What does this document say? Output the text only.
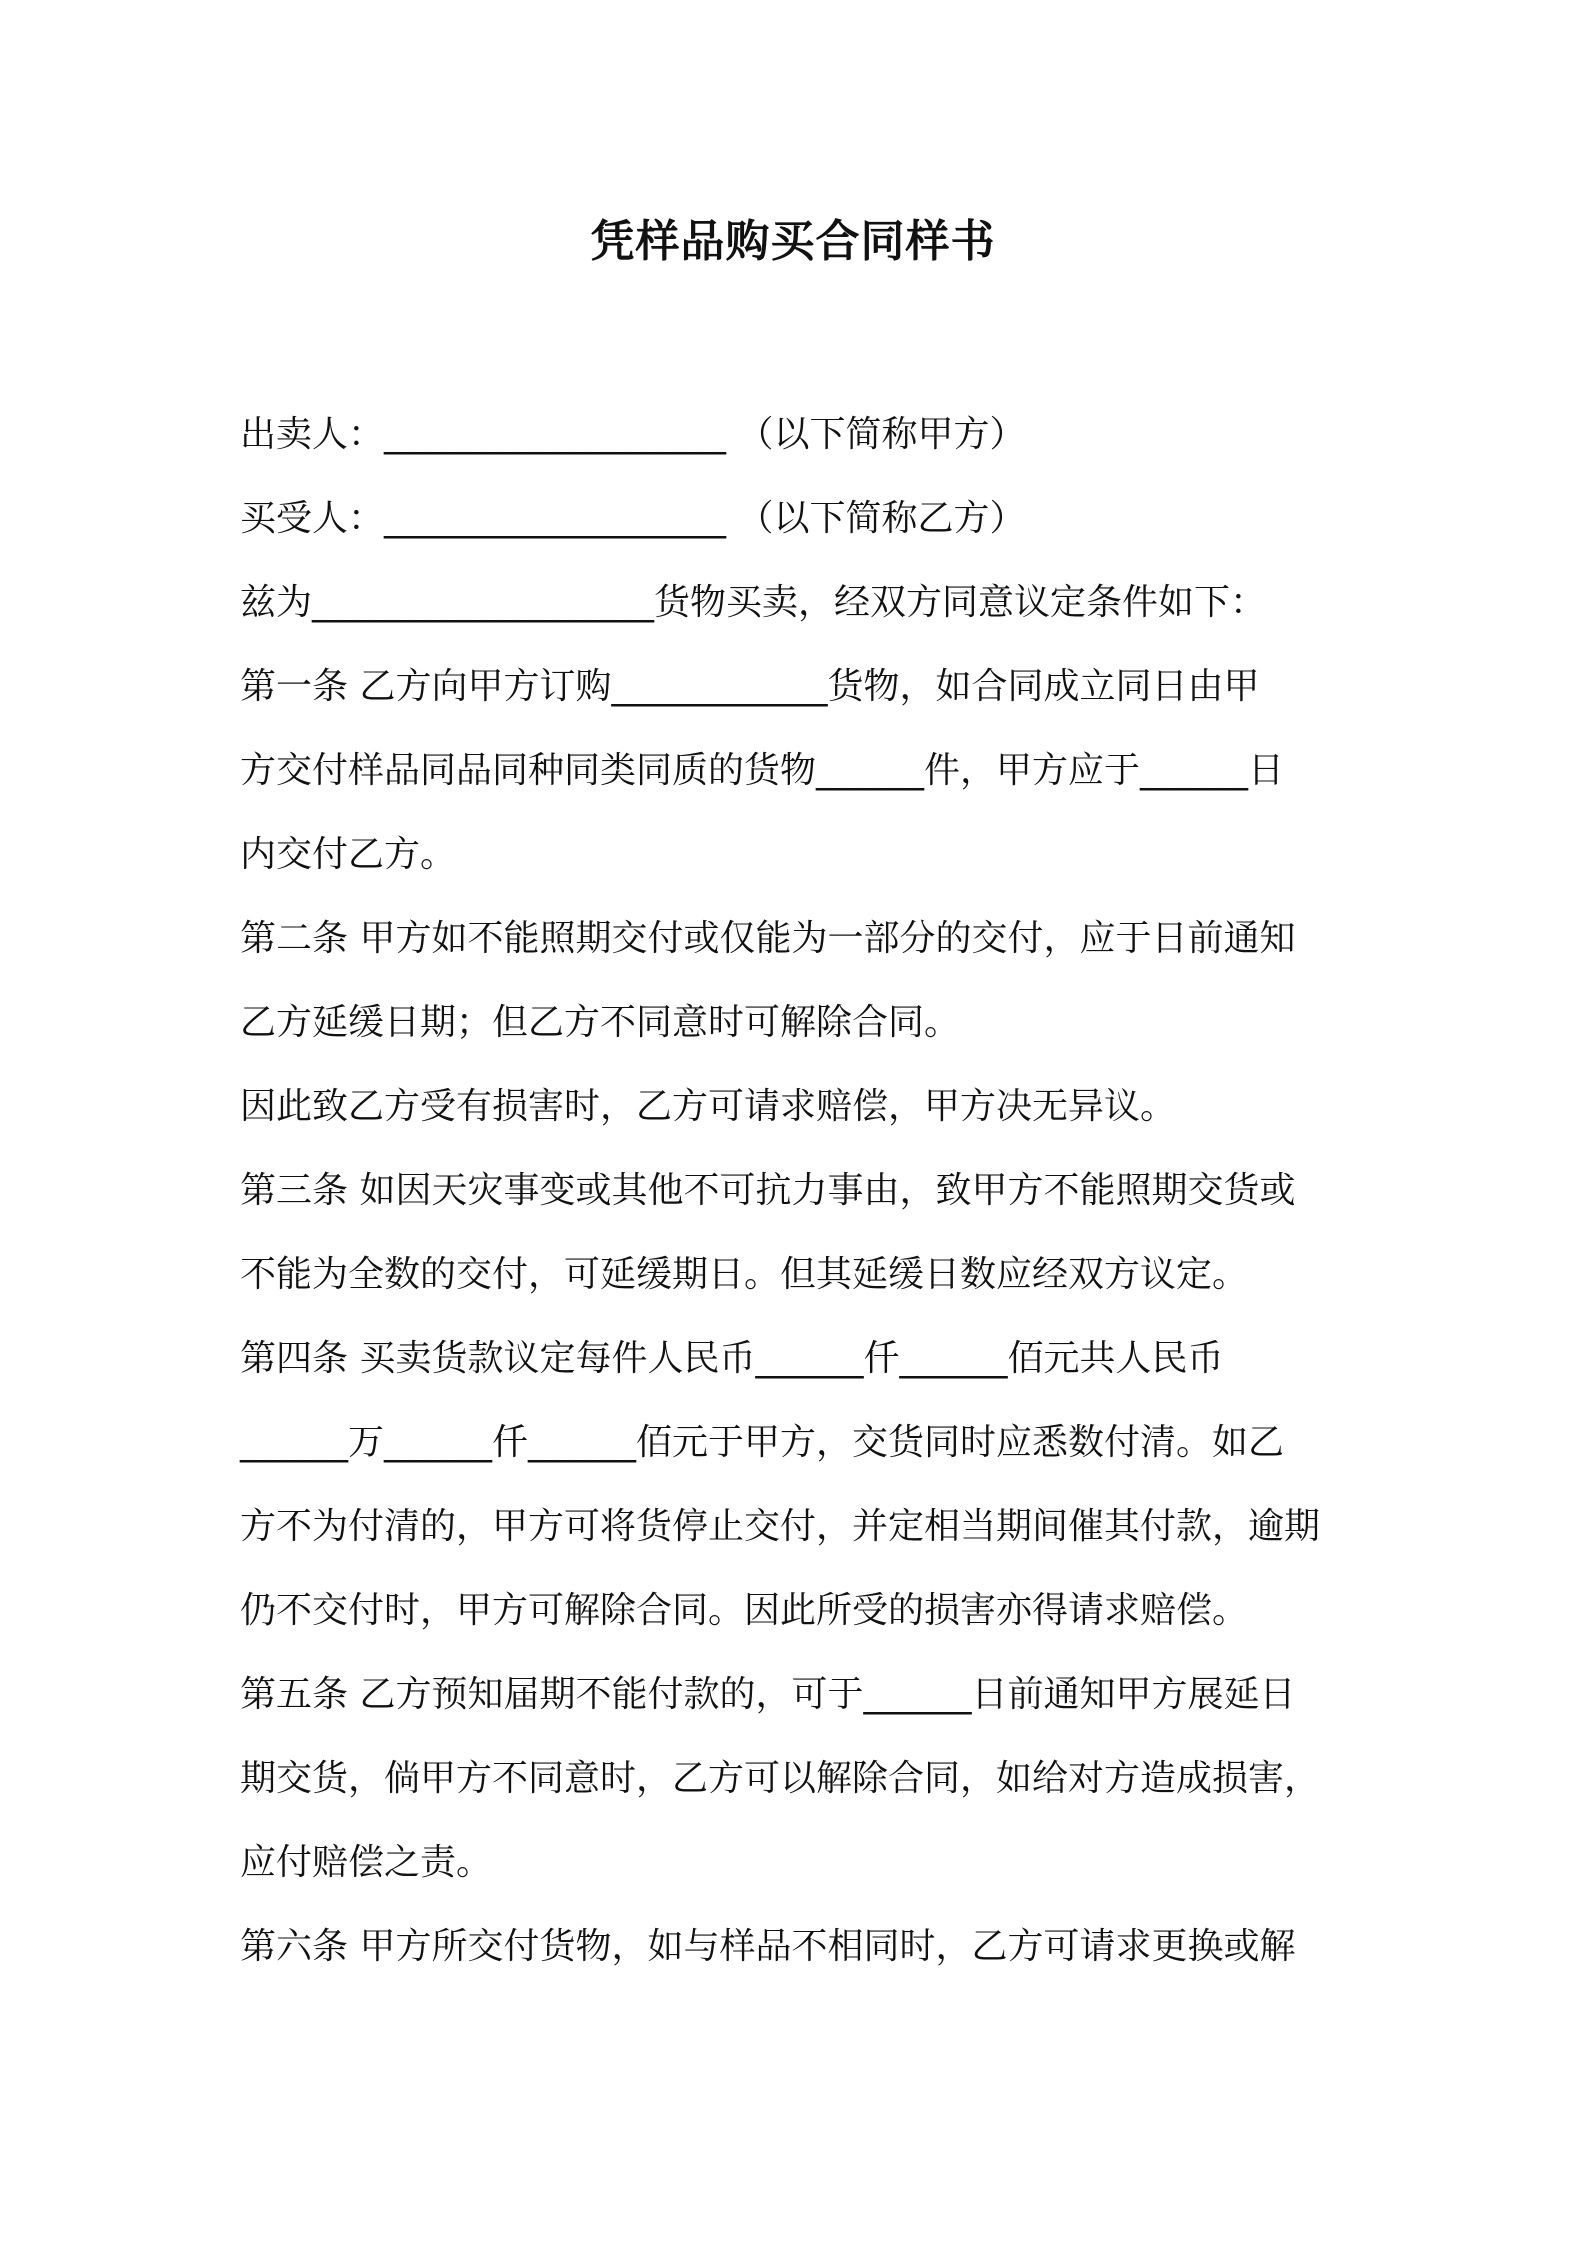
凭样品购买合同样书
出卖人：___________________ （以下简称甲方）
买受人：___________________ （以下简称乙方）
兹为___________________货物买卖，经双方同意议定条件如下：
第一条 乙方向甲方订购____________货物，如合同成立同日由甲
方交付样品同品同种同类同质的货物______件，甲方应于______日
内交付乙方。
第二条 甲方如不能照期交付或仅能为一部分的交付，应于日前通知
乙方延缓日期；但乙方不同意时可解除合同。
因此致乙方受有损害时，乙方可请求赔偿，甲方决无异议。
第三条 如因天灾事变或其他不可抗力事由，致甲方不能照期交货或
不能为全数的交付，可延缓期日。但其延缓日数应经双方议定。
第四条 买卖货款议定每件人民币______仟______佰元共人民币
______万______仟______佰元于甲方，交货同时应悉数付清。如乙
方不为付清的，甲方可将货停止交付，并定相当期间催其付款，逾期
仍不交付时，甲方可解除合同。因此所受的损害亦得请求赔偿。
第五条 乙方预知届期不能付款的，可于______日前通知甲方展延日
期交货，倘甲方不同意时，乙方可以解除合同，如给对方造成损害，
应付赔偿之责。
第六条 甲方所交付货物，如与样品不相同时，乙方可请求更换或解
